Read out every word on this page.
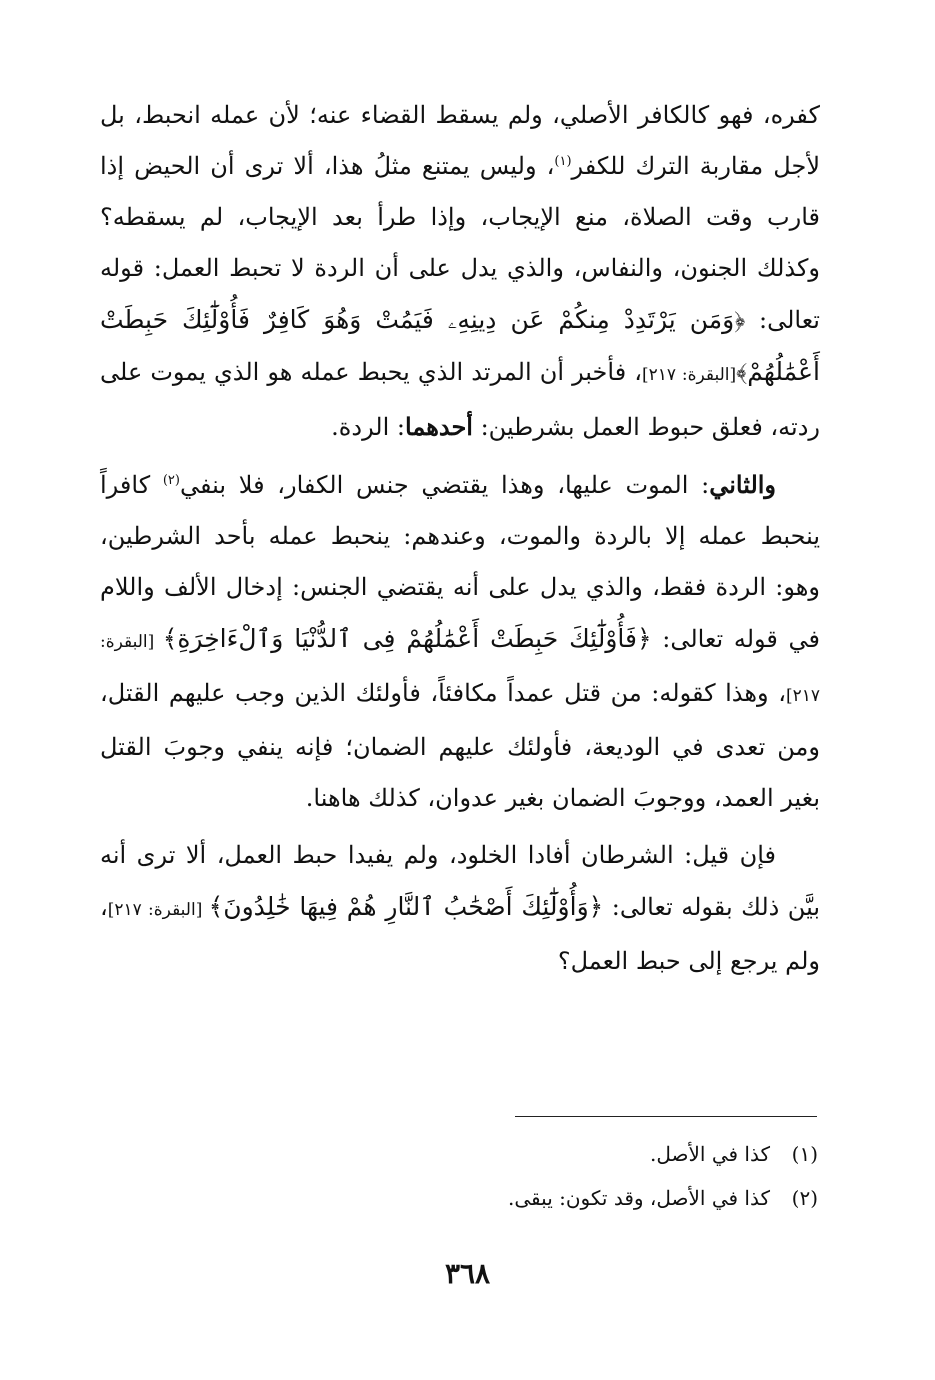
كفره، فهو كالكافر الأصلي، ولم يسقط القضاء عنه؛ لأن عمله انحبط، بل لأجل مقاربة الترك للكفر$^{(١)}$، وليس يمتنع مثلُ هذا، ألا ترى أن الحيض إذا قارب وقت الصلاة، منع الإيجاب، وإذا طرأ بعد الإيجاب، لم يسقطه؟ وكذلك الجنون، والنفاس، والذي يدل على أن الردة لا تحبط العمل: قوله تعالى: ﴿وَمَن يَرْتَدِدْ مِنكُمْ عَن دِينِهِۦ فَيَمُتْ وَهُوَ كَافِرٌ فَأُوْلَٰٓئِكَ حَبِطَتْ أَعْمَٰلُهُمْ﴾[البقرة: ٢١٧]، فأخبر أن المرتد الذي يحبط عمله هو الذي يموت على ردته، فعلق حبوط العمل بشرطين: أحدهما: الردة.

والثاني: الموت عليها، وهذا يقتضي جنس الكفار، فلا بنفي$^{(٢)}$ كافراً ينحبط عمله إلا بالردة والموت، وعندهم: ينحبط عمله بأحد الشرطين، وهو: الردة فقط، والذي يدل على أنه يقتضي الجنس: إدخال الألف واللام في قوله تعالى: ﴿فَأُوْلَٰٓئِكَ حَبِطَتْ أَعْمَٰلُهُمْ فِى ٱلدُّنْيَا وَٱلْءَاخِرَةِ﴾ [البقرة: ٢١٧]، وهذا كقوله: من قتل عمداً مكافئاً، فأولئك الذين وجب عليهم القتل، ومن تعدى في الوديعة، فأولئك عليهم الضمان؛ فإنه ينفي وجوبَ القتل بغير العمد، ووجوبَ الضمان بغير عدوان، كذلك هاهنا.

فإن قيل: الشرطان أفادا الخلود، ولم يفيدا حبط العمل، ألا ترى أنه بيَّن ذلك بقوله تعالى: ﴿وَأُوْلَٰٓئِكَ أَصْحَٰبُ ٱلنَّارِ هُمْ فِيهَا خَٰلِدُونَ﴾ [البقرة: ٢١٧]، ولم يرجع إلى حبط العمل؟

(١)كذا في الأصل.

(٢)كذا في الأصل، وقد تكون: يبقى.

٣٦٨
